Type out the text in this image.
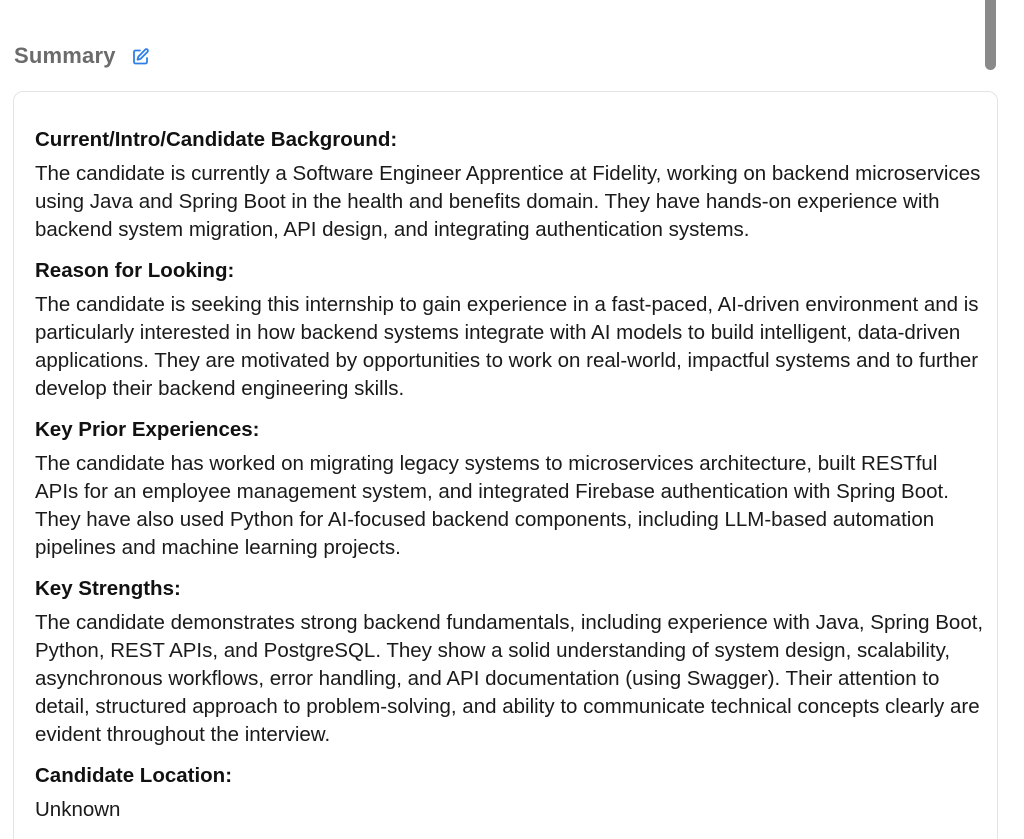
Summary

Current/Intro/Candidate Background:

The candidate is currently a Software Engineer Apprentice at Fidelity, working on backend microservices using Java and Spring Boot in the health and benefits domain. They have hands-on experience with backend system migration, API design, and integrating authentication systems.

Reason for Looking:

The candidate is seeking this internship to gain experience in a fast-paced, AI-driven environment and is particularly interested in how backend systems integrate with AI models to build intelligent, data-driven applications. They are motivated by opportunities to work on real-world, impactful systems and to further develop their backend engineering skills.

Key Prior Experiences:

The candidate has worked on migrating legacy systems to microservices architecture, built RESTful APIs for an employee management system, and integrated Firebase authentication with Spring Boot. They have also used Python for AI-focused backend components, including LLM-based automation pipelines and machine learning projects.

Key Strengths:

The candidate demonstrates strong backend fundamentals, including experience with Java, Spring Boot, Python, REST APIs, and PostgreSQL. They show a solid understanding of system design, scalability, asynchronous workflows, error handling, and API documentation (using Swagger). Their attention to detail, structured approach to problem-solving, and ability to communicate technical concepts clearly are evident throughout the interview.

Candidate Location:

Unknown
